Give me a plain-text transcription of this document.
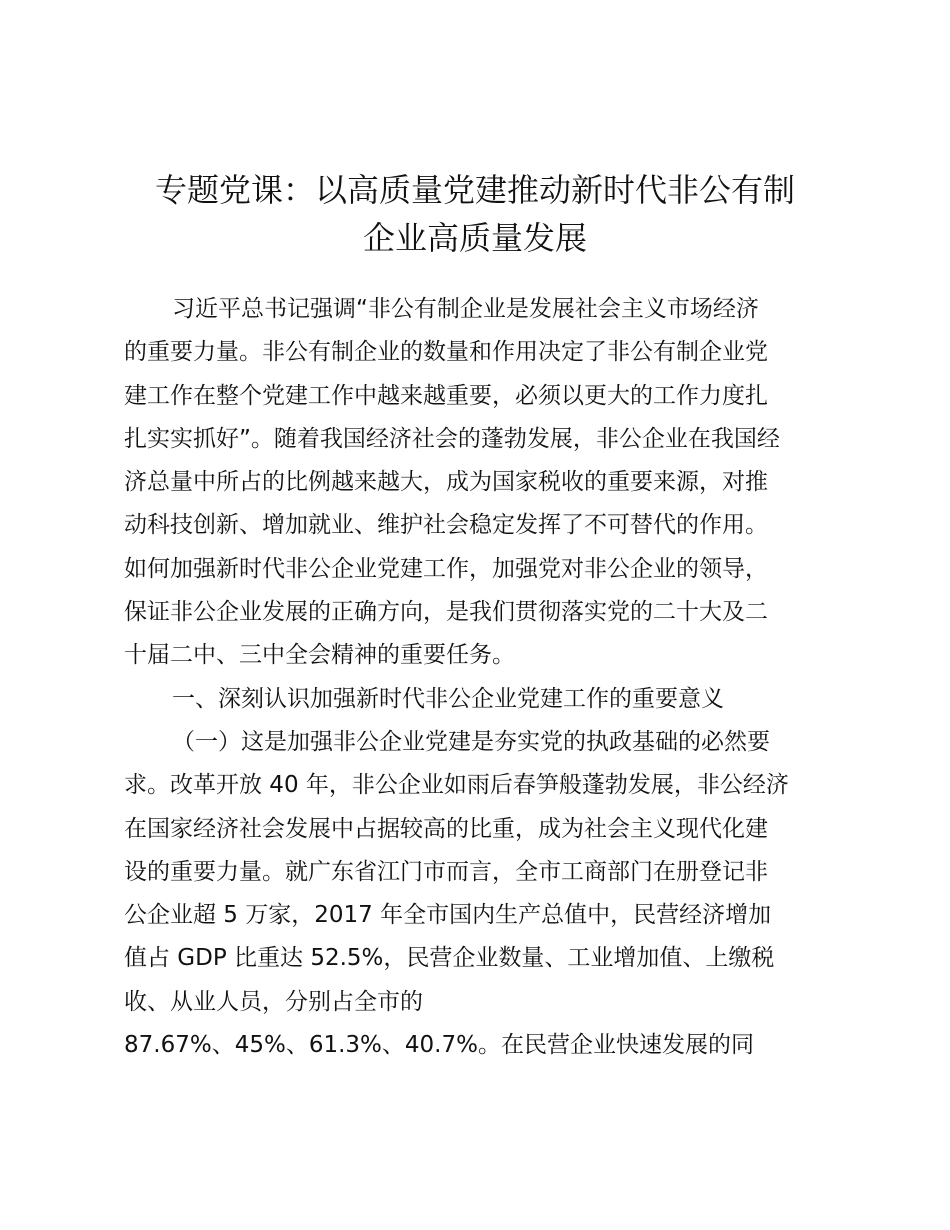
专题党课：以高质量党建推动新时代非公有制
企业高质量发展
习近平总书记强调“非公有制企业是发展社会主义市场经济
的重要力量。非公有制企业的数量和作用决定了非公有制企业党
建工作在整个党建工作中越来越重要，必须以更大的工作力度扎
扎实实抓好”。随着我国经济社会的蓬勃发展，非公企业在我国经
济总量中所占的比例越来越大，成为国家税收的重要来源，对推
动科技创新、增加就业、维护社会稳定发挥了不可替代的作用。
如何加强新时代非公企业党建工作，加强党对非公企业的领导，
保证非公企业发展的正确方向，是我们贯彻落实党的二十大及二
十届二中、三中全会精神的重要任务。
一、深刻认识加强新时代非公企业党建工作的重要意义
（一）这是加强非公企业党建是夯实党的执政基础的必然要
求。改革开放 40 年，非公企业如雨后春笋般蓬勃发展，非公经济
在国家经济社会发展中占据较高的比重，成为社会主义现代化建
设的重要力量。就广东省江门市而言，全市工商部门在册登记非
公企业超 5 万家，2017 年全市国内生产总值中，民营经济增加
值占 GDP 比重达 52.5%，民营企业数量、工业增加值、上缴税
收、从业人员，分别占全市的
87.67%、45%、61.3%、40.7%。在民营企业快速发展的同
